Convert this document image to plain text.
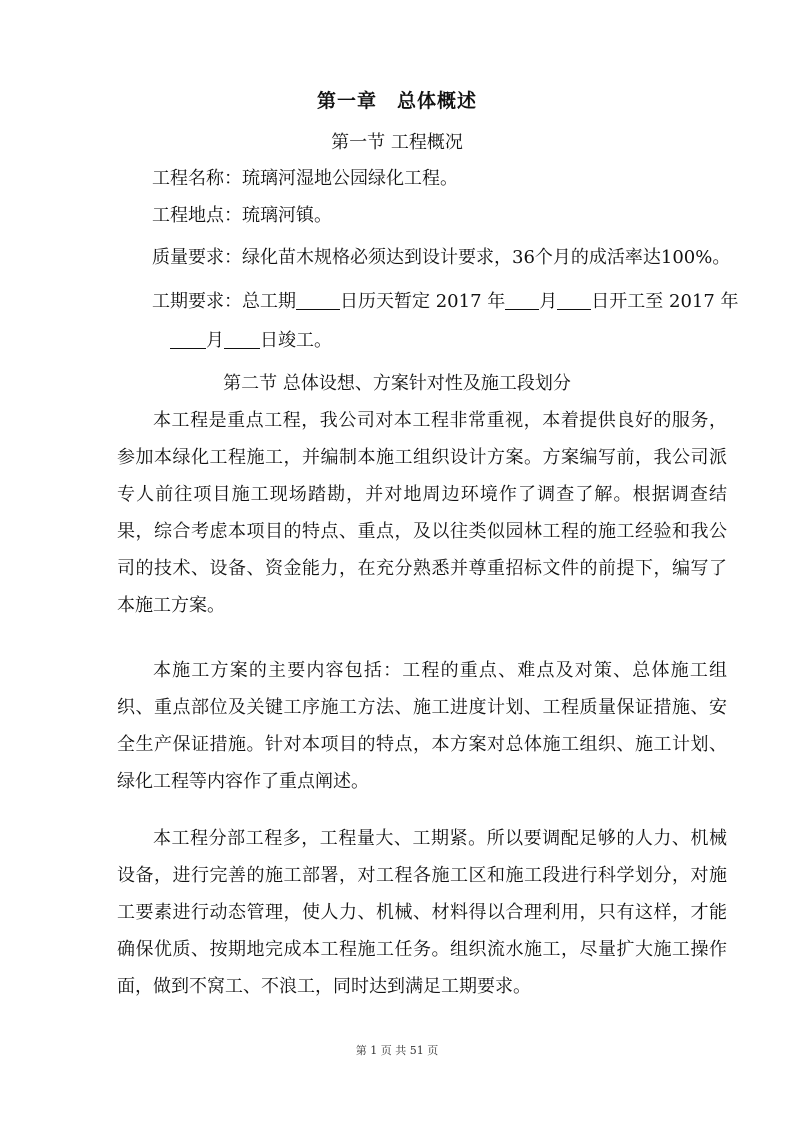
第一章　总体概述
第一节 工程概况
工程名称：琉璃河湿地公园绿化工程。
工程地点：琉璃河镇。
质量要求：绿化苗木规格必须达到设计要求，36个月的成活率达100%。
工期要求：总工期 日历天暂定 2017 年 月 日开工至 2017 年
月 日竣工。
第二节 总体设想、方案针对性及施工段划分
本工程是重点工程，我公司对本工程非常重视，本着提供良好的服务，参加本绿化工程施工，并编制本施工组织设计方案。方案编写前，我公司派专人前往项目施工现场踏勘，并对地周边环境作了调查了解。根据调查结果，综合考虑本项目的特点、重点，及以往类似园林工程的施工经验和我公司的技术、设备、资金能力，在充分熟悉并尊重招标文件的前提下，编写了本施工方案。
本施工方案的主要内容包括：工程的重点、难点及对策、总体施工组织、重点部位及关键工序施工方法、施工进度计划、工程质量保证措施、安全生产保证措施。针对本项目的特点，本方案对总体施工组织、施工计划、绿化工程等内容作了重点阐述。
本工程分部工程多，工程量大、工期紧。所以要调配足够的人力、机械设备，进行完善的施工部署，对工程各施工区和施工段进行科学划分，对施工要素进行动态管理，使人力、机械、材料得以合理利用，只有这样，才能确保优质、按期地完成本工程施工任务。组织流水施工，尽量扩大施工操作面，做到不窝工、不浪工，同时达到满足工期要求。
第 1 页 共 51 页
